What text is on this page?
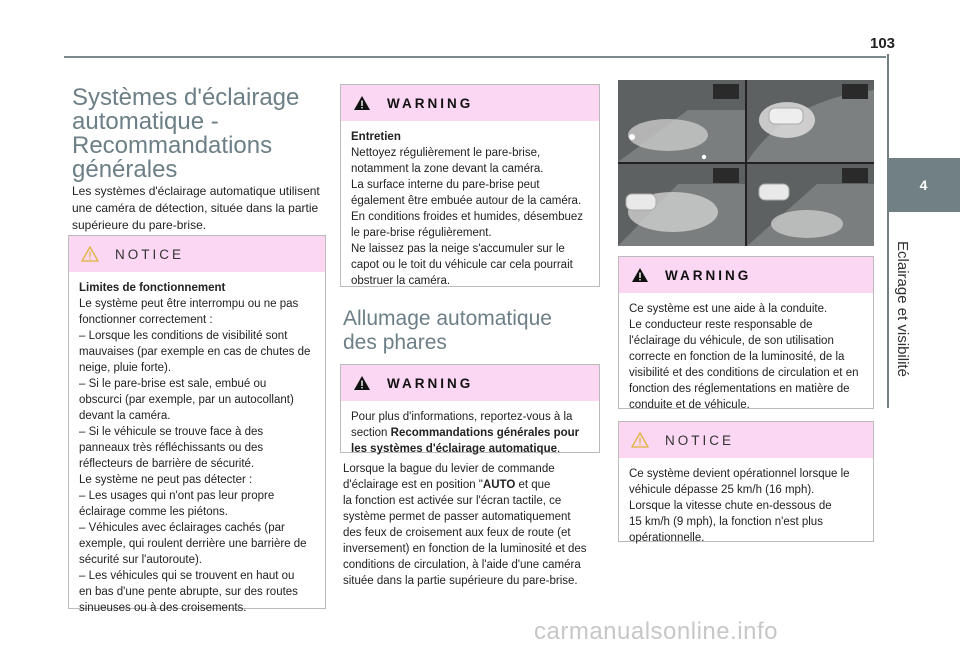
103
4
Eclairage et visibilité
Systèmes d'éclairage
automatique -
Recommandations
générales
Les systèmes d'éclairage automatique utilisent
une caméra de détection, située dans la partie
supérieure du pare-brise.
NOTICE

Limites de fonctionnement

Le système peut être interrompu ou ne pas
fonctionner correctement :
– Lorsque les conditions de visibilité sont
mauvaises (par exemple en cas de chutes de
neige, pluie forte).
– Si le pare-brise est sale, embué ou
obscurci (par exemple, par un autocollant)
devant la caméra.
– Si le véhicule se trouve face à des
panneaux très réfléchissants ou des
réflecteurs de barrière de sécurité.
Le système ne peut pas détecter :
– Les usages qui n'ont pas leur propre
éclairage comme les piétons.
– Véhicules avec éclairages cachés (par
exemple, qui roulent derrière une barrière de
sécurité sur l'autoroute).
– Les véhicules qui se trouvent en haut ou
en bas d'une pente abrupte, sur des routes
sinueuses ou à des croisements.

WARNING

Entretien

Nettoyez régulièrement le pare-brise,
notamment la zone devant la caméra.
La surface interne du pare-brise peut
également être embuée autour de la caméra.
En conditions froides et humides, désembuez
le pare-brise régulièrement.
Ne laissez pas la neige s'accumuler sur le
capot ou le toit du véhicule car cela pourrait
obstruer la caméra.

Allumage automatique
des phares
WARNING

Pour plus d'informations, reportez-vous à la
section Recommandations générales pour
les systèmes d'éclairage automatique.

Lorsque la bague du levier de commande
d'éclairage est en position "AUTO et que
la fonction est activée sur l'écran tactile, ce
système permet de passer automatiquement
des feux de croisement aux feux de route (et
inversement) en fonction de la luminosité et des
conditions de circulation, à l'aide d'une caméra
située dans la partie supérieure du pare-brise.
WARNING

Ce système est une aide à la conduite.
Le conducteur reste responsable de
l'éclairage du véhicule, de son utilisation
correcte en fonction de la luminosité, de la
visibilité et des conditions de circulation et en
fonction des réglementations en matière de
conduite et de véhicule.

NOTICE

Ce système devient opérationnel lorsque le
véhicule dépasse 25 km/h (16 mph).
Lorsque la vitesse chute en-dessous de
15 km/h (9 mph), la fonction n'est plus
opérationnelle.

carmanualsonline.info
